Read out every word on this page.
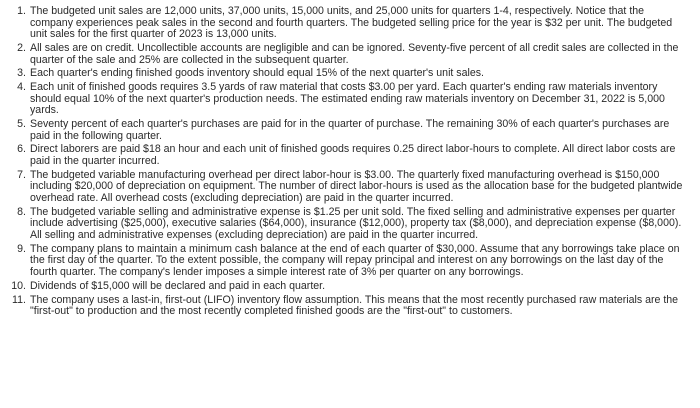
1. The budgeted unit sales are 12,000 units, 37,000 units, 15,000 units, and 25,000 units for quarters 1-4, respectively. Notice that the company experiences peak sales in the second and fourth quarters. The budgeted selling price for the year is $32 per unit. The budgeted unit sales for the first quarter of 2023 is 13,000 units.
2. All sales are on credit. Uncollectible accounts are negligible and can be ignored. Seventy-five percent of all credit sales are collected in the quarter of the sale and 25% are collected in the subsequent quarter.
3. Each quarter's ending finished goods inventory should equal 15% of the next quarter's unit sales.
4. Each unit of finished goods requires 3.5 yards of raw material that costs $3.00 per yard. Each quarter's ending raw materials inventory should equal 10% of the next quarter's production needs. The estimated ending raw materials inventory on December 31, 2022 is 5,000 yards.
5. Seventy percent of each quarter's purchases are paid for in the quarter of purchase. The remaining 30% of each quarter's purchases are paid in the following quarter.
6. Direct laborers are paid $18 an hour and each unit of finished goods requires 0.25 direct labor-hours to complete. All direct labor costs are paid in the quarter incurred.
7. The budgeted variable manufacturing overhead per direct labor-hour is $3.00. The quarterly fixed manufacturing overhead is $150,000 including $20,000 of depreciation on equipment. The number of direct labor-hours is used as the allocation base for the budgeted plantwide overhead rate. All overhead costs (excluding depreciation) are paid in the quarter incurred.
8. The budgeted variable selling and administrative expense is $1.25 per unit sold. The fixed selling and administrative expenses per quarter include advertising ($25,000), executive salaries ($64,000), insurance ($12,000), property tax ($8,000), and depreciation expense ($8,000). All selling and administrative expenses (excluding depreciation) are paid in the quarter incurred.
9. The company plans to maintain a minimum cash balance at the end of each quarter of $30,000. Assume that any borrowings take place on the first day of the quarter. To the extent possible, the company will repay principal and interest on any borrowings on the last day of the fourth quarter. The company's lender imposes a simple interest rate of 3% per quarter on any borrowings.
10. Dividends of $15,000 will be declared and paid in each quarter.
11. The company uses a last-in, first-out (LIFO) inventory flow assumption. This means that the most recently purchased raw materials are the "first-out" to production and the most recently completed finished goods are the "first-out" to customers.
